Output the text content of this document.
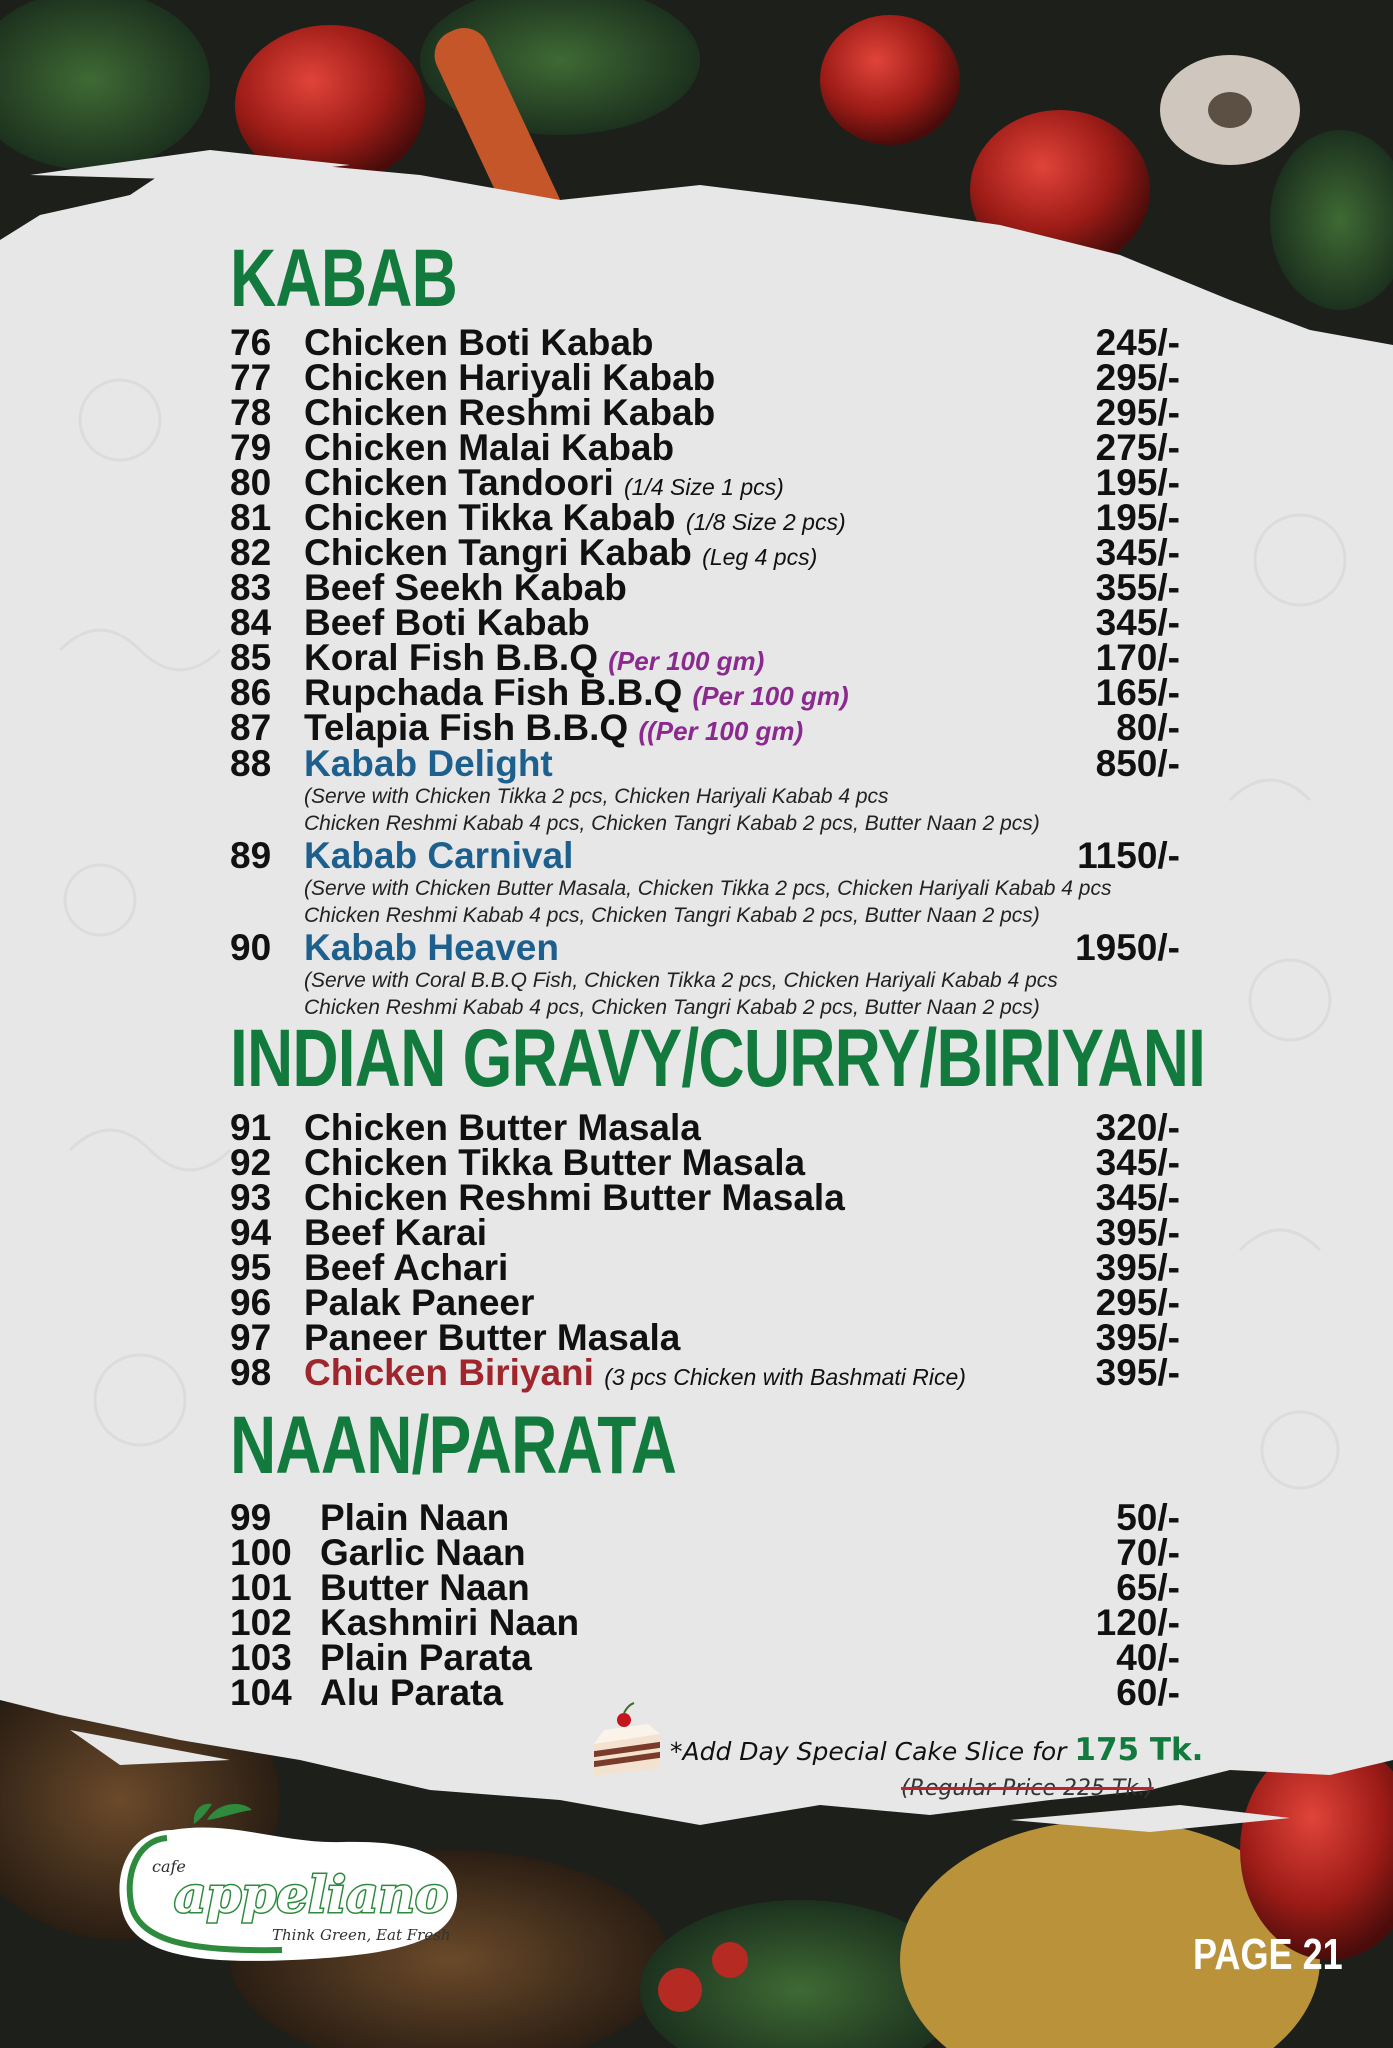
KABAB
76 Chicken Boti Kabab	245/-
77 Chicken Hariyali Kabab	295/-
78 Chicken Reshmi Kabab	295/-
79 Chicken Malai Kabab	275/-
80 Chicken Tandoori (1/4 Size 1 pcs)	195/-
81 Chicken Tikka Kabab (1/8 Size 2 pcs)	195/-
82 Chicken Tangri Kabab (Leg 4 pcs)	345/-
83 Beef Seekh Kabab	355/-
84 Beef Boti Kabab	345/-
85 Koral Fish B.B.Q (Per 100 gm)	170/-
86 Rupchada Fish B.B.Q (Per 100 gm)	165/-
87 Telapia Fish B.B.Q ((Per 100 gm)	80/-
88 Kabab Delight	850/-
(Serve with Chicken Tikka 2 pcs, Chicken Hariyali Kabab 4 pcs
Chicken Reshmi Kabab 4 pcs, Chicken Tangri Kabab 2 pcs, Butter Naan 2 pcs)
89 Kabab Carnival	1150/-
(Serve with Chicken Butter Masala, Chicken Tikka 2 pcs, Chicken Hariyali Kabab 4 pcs
Chicken Reshmi Kabab 4 pcs, Chicken Tangri Kabab 2 pcs, Butter Naan 2 pcs)
90 Kabab Heaven	1950/-
(Serve with Coral B.B.Q Fish, Chicken Tikka 2 pcs, Chicken Hariyali Kabab 4 pcs
Chicken Reshmi Kabab 4 pcs, Chicken Tangri Kabab 2 pcs, Butter Naan 2 pcs)
INDIAN GRAVY/CURRY/BIRIYANI
91 Chicken Butter Masala	320/-
92 Chicken Tikka Butter Masala	345/-
93 Chicken Reshmi Butter Masala	345/-
94 Beef Karai	395/-
95 Beef Achari	395/-
96 Palak Paneer	295/-
97 Paneer Butter Masala	395/-
98 Chicken Biriyani (3 pcs Chicken with Bashmati Rice)	395/-
NAAN/PARATA
99 Plain Naan	50/-
100 Garlic Naan	70/-
101 Butter Naan	65/-
102 Kashmiri Naan	120/-
103 Plain Parata	40/-
104 Alu Parata	60/-
*Add Day Special Cake Slice for 175 Tk.
(Regular Price 225 Tk.)
cafe
appeliano
Think Green, Eat Fresh	PAGE 21
